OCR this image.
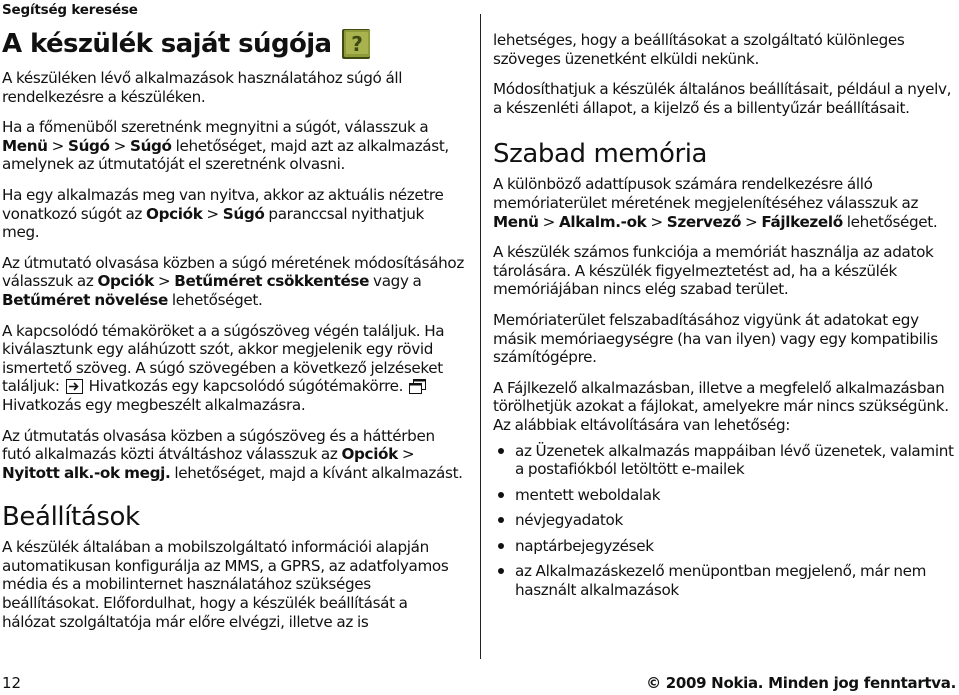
Segítség keresése
A készülék saját súgója ?

A készüléken lévő alkalmazások használatához súgó áll rendelkezésre a készüléken.

Ha a főmenüből szeretnénk megnyitni a súgót, válasszuk a Menü > Súgó > Súgó lehetőséget, majd azt az alkalmazást, amelynek az útmutatóját el szeretnénk olvasni.

Ha egy alkalmazás meg van nyitva, akkor az aktuális nézetre vonatkozó súgót az Opciók > Súgó paranccsal nyithatjuk meg.

Az útmutató olvasása közben a súgó méretének módosításához válasszuk az Opciók > Betűméret csökkentése vagy a Betűméret növelése lehetőséget.

A kapcsolódó témaköröket a a súgószöveg végén találjuk. Ha kiválasztunk egy aláhúzott szót, akkor megjelenik egy rövid ismertető szöveg. A súgó szövegében a következő jelzéseket találjuk:  Hivatkozás egy kapcsolódó súgótémakörre.  Hivatkozás egy megbeszélt alkalmazásra.

Az útmutatás olvasása közben a súgószöveg és a háttérben futó alkalmazás közti átváltáshoz válasszuk az Opciók > Nyitott alk.-ok megj. lehetőséget, majd a kívánt alkalmazást.

Beállítások

A készülék általában a mobilszolgáltató információi alapján automatikusan konfigurálja az MMS, a GPRS, az adatfolyamos média és a mobilinternet használatához szükséges beállításokat. Előfordulhat, hogy a készülék beállítását a hálózat szolgáltatója már előre elvégzi, illetve az is

lehetséges, hogy a beállításokat a szolgáltató különleges szöveges üzenetként elküldi nekünk.

Módosíthatjuk a készülék általános beállításait, például a nyelv, a készenléti állapot, a kijelző és a billentyűzár beállításait.

Szabad memória

A különböző adattípusok számára rendelkezésre álló memóriaterület méretének megjelenítéséhez válasszuk az Menü > Alkalm.-ok > Szervező > Fájlkezelő lehetőséget.

A készülék számos funkciója a memóriát használja az adatok tárolására. A készülék figyelmeztetést ad, ha a készülék memóriájában nincs elég szabad terület.

Memóriaterület felszabadításához vigyünk át adatokat egy másik memóriaegységre (ha van ilyen) vagy egy kompatibilis számítógépre.

A Fájlkezelő alkalmazásban, illetve a megfelelő alkalmazásban törölhetjük azokat a fájlokat, amelyekre már nincs szükségünk. Az alábbiak eltávolítására van lehetőség:

az Üzenetek alkalmazás mappáiban lévő üzenetek, valamint a postafiókból letöltött e-mailek
mentett weboldalak
névjegyadatok
naptárbejegyzések
az Alkalmazáskezelő menüpontban megjelenő, már nem használt alkalmazások
12	© 2009 Nokia. Minden jog fenntartva.
